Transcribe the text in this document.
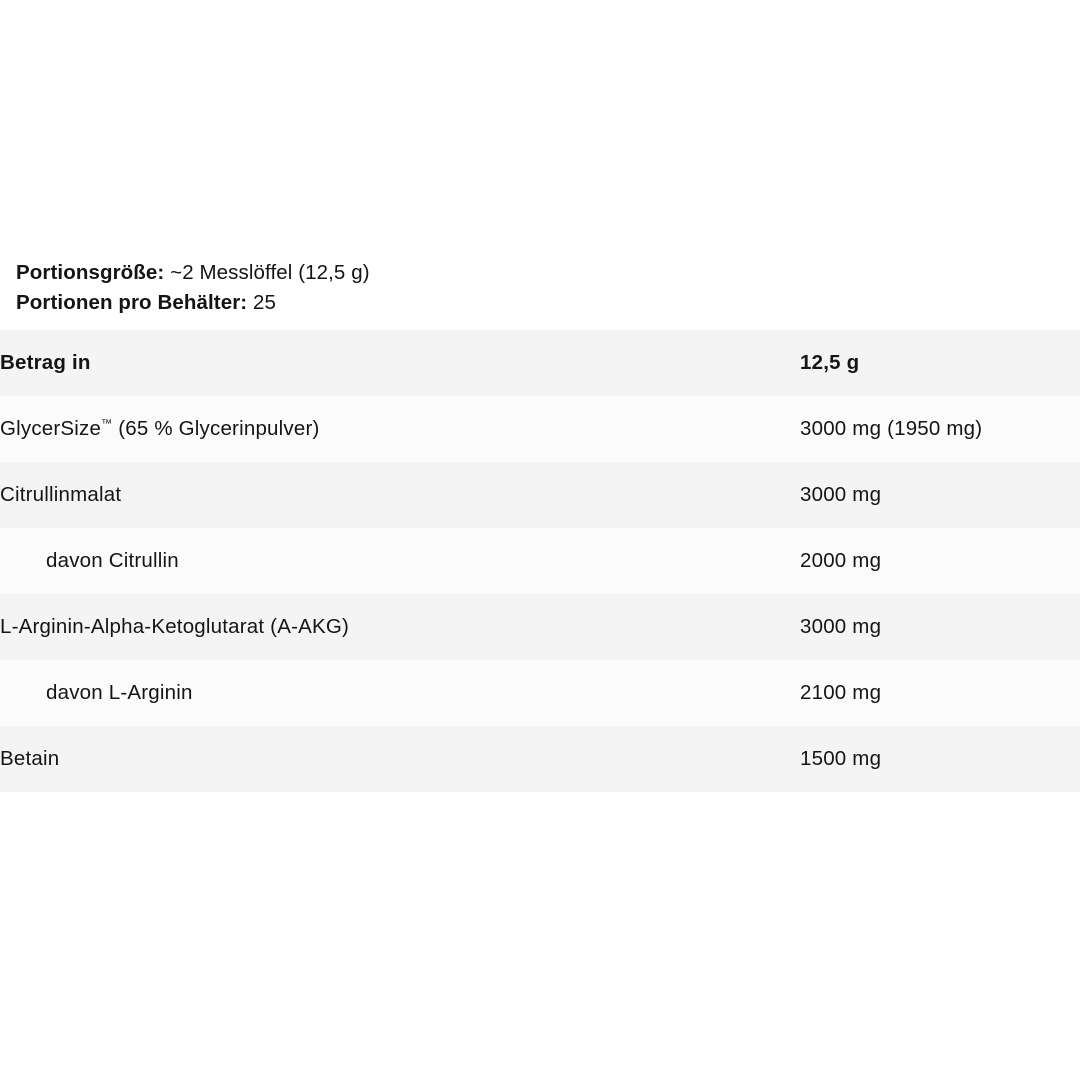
Portionsgröße: ~2 Messlöffel (12,5 g)
Portionen pro Behälter: 25
Betrag in	12,5 g
GlycerSize™ (65 % Glycerinpulver)	3000 mg (1950 mg)
Citrullinmalat	3000 mg
davon Citrullin	2000 mg
L-Arginin-Alpha-Ketoglutarat (A-AKG)	3000 mg
davon L-Arginin	2100 mg
Betain	1500 mg
